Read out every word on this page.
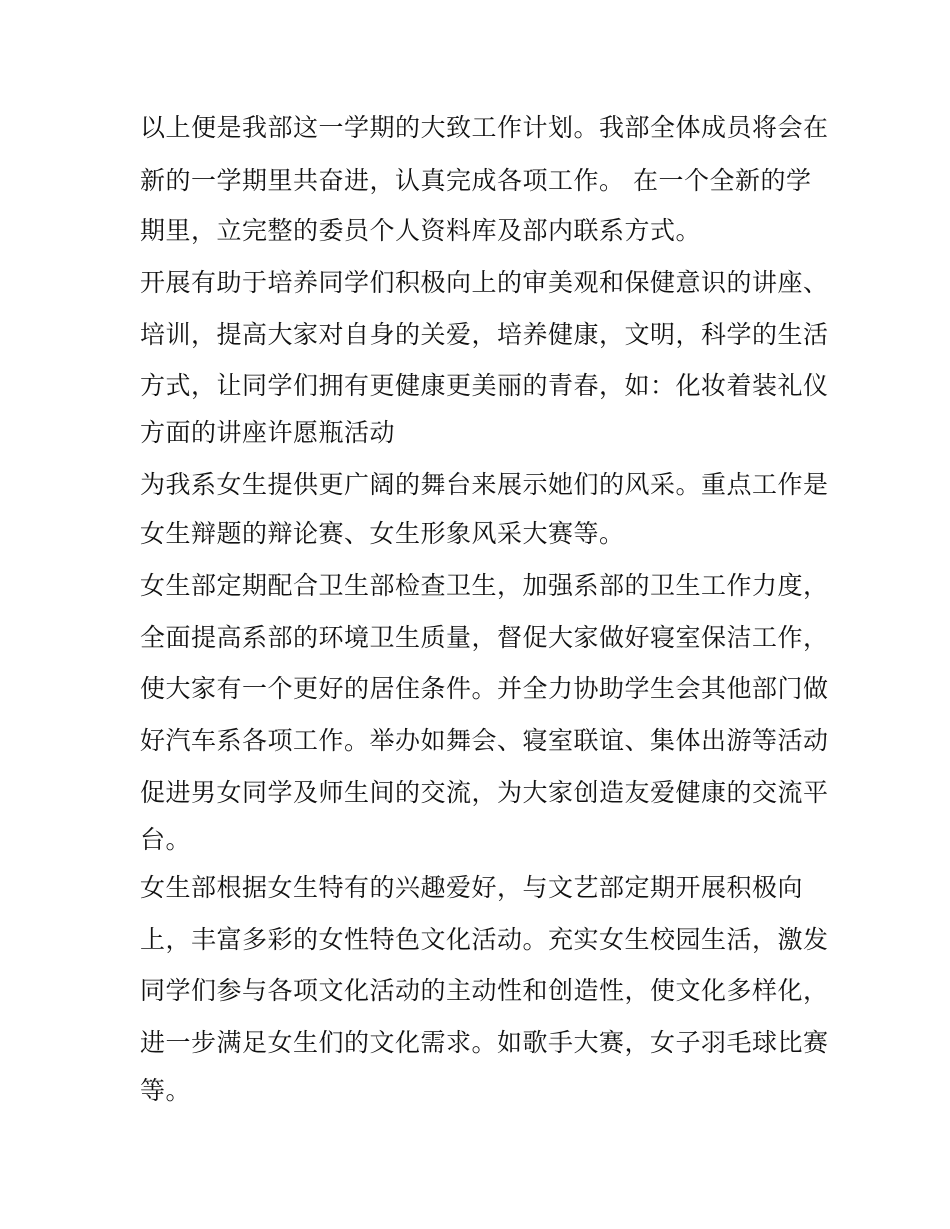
以上便是我部这一学期的大致工作计划。我部全体成员将会在
新的一学期里共奋进，认真完成各项工作。 在一个全新的学
期里，立完整的委员个人资料库及部内联系方式。
开展有助于培养同学们积极向上的审美观和保健意识的讲座、
培训，提高大家对自身的关爱，培养健康，文明，科学的生活
方式，让同学们拥有更健康更美丽的青春，如：化妆着装礼仪
方面的讲座许愿瓶活动
为我系女生提供更广阔的舞台来展示她们的风采。重点工作是
女生辩题的辩论赛、女生形象风采大赛等。
女生部定期配合卫生部检查卫生，加强系部的卫生工作力度，
全面提高系部的环境卫生质量，督促大家做好寝室保洁工作，
使大家有一个更好的居住条件。并全力协助学生会其他部门做
好汽车系各项工作。举办如舞会、寝室联谊、集体出游等活动
促进男女同学及师生间的交流，为大家创造友爱健康的交流平
台。
女生部根据女生特有的兴趣爱好，与文艺部定期开展积极向
上，丰富多彩的女性特色文化活动。充实女生校园生活，激发
同学们参与各项文化活动的主动性和创造性，使文化多样化，
进一步满足女生们的文化需求。如歌手大赛，女子羽毛球比赛
等。
